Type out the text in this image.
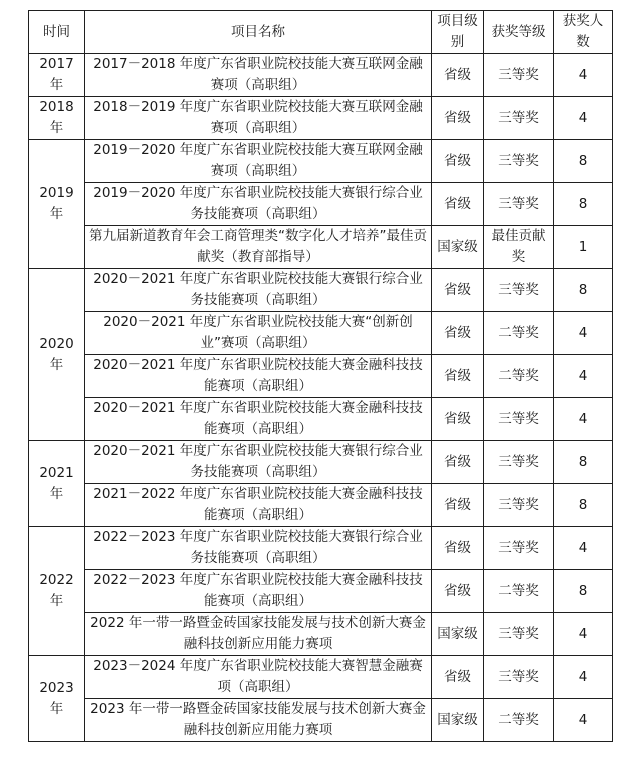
时间	项目名称	项目级别	获奖等级	获奖人数
2017年	2017－2018 年度广东省职业院校技能大赛互联网金融赛项（高职组）	省级	三等奖	4
2018年	2018－2019 年度广东省职业院校技能大赛互联网金融赛项（高职组）	省级	三等奖	4
2019年	2019－2020 年度广东省职业院校技能大赛互联网金融赛项（高职组）	省级	三等奖	8
	2019－2020 年度广东省职业院校技能大赛银行综合业务技能赛项（高职组）	省级	三等奖	8
	第九届新道教育年会工商管理类“数字化人才培养”最佳贡献奖（教育部指导）	国家级	最佳贡献奖	1
2020年	2020－2021 年度广东省职业院校技能大赛银行综合业务技能赛项（高职组）	省级	三等奖	8
	2020－2021 年度广东省职业院校技能大赛“创新创业”赛项（高职组）	省级	二等奖	4
	2020－2021 年度广东省职业院校技能大赛金融科技技能赛项（高职组）	省级	二等奖	4
	2020－2021 年度广东省职业院校技能大赛金融科技技能赛项（高职组）	省级	三等奖	4
2021年	2020－2021 年度广东省职业院校技能大赛银行综合业务技能赛项（高职组）	省级	三等奖	8
	2021－2022 年度广东省职业院校技能大赛金融科技技能赛项（高职组）	省级	三等奖	8
2022年	2022－2023 年度广东省职业院校技能大赛银行综合业务技能赛项（高职组）	省级	三等奖	4
	2022－2023 年度广东省职业院校技能大赛金融科技技能赛项（高职组）	省级	二等奖	8
	2022 年一带一路暨金砖国家技能发展与技术创新大赛金融科技创新应用能力赛项	国家级	三等奖	4
2023年	2023－2024 年度广东省职业院校技能大赛智慧金融赛项（高职组）	省级	三等奖	4
	2023 年一带一路暨金砖国家技能发展与技术创新大赛金融科技创新应用能力赛项	国家级	二等奖	4
